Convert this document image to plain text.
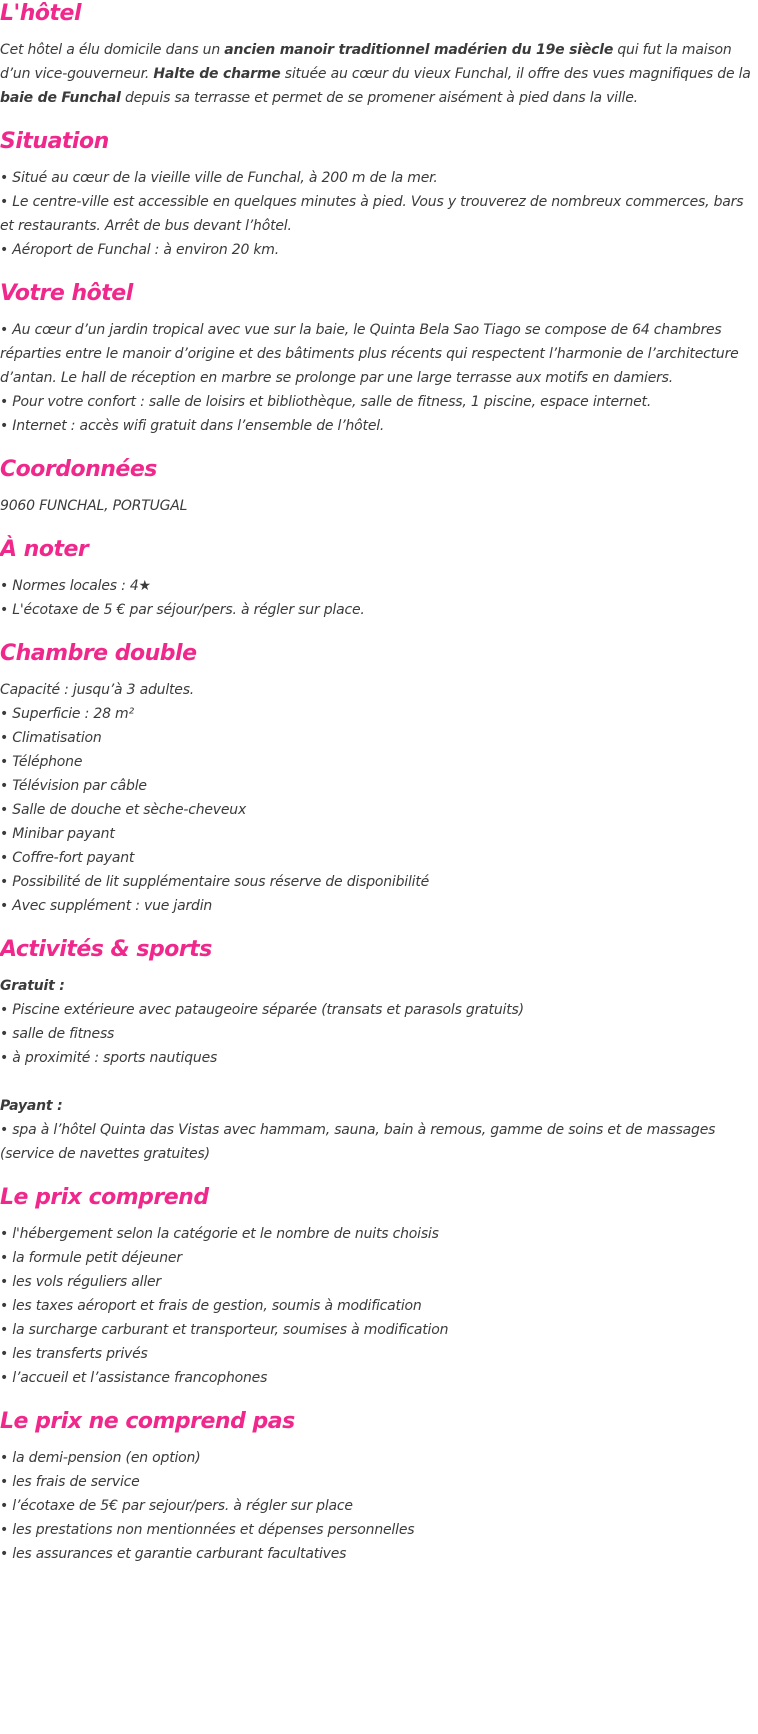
L'hôtel

Cet hôtel a élu domicile dans un ancien manoir traditionnel madérien du 19e siècle qui fut la maison d’un vice-gouverneur. Halte de charme située au cœur du vieux Funchal, il offre des vues magnifiques de la baie de Funchal depuis sa terrasse et permet de se promener aisément à pied dans la ville.

Situation

• Situé au cœur de la vieille ville de Funchal, à 200 m de la mer.
• Le centre-ville est accessible en quelques minutes à pied. Vous y trouverez de nombreux commerces, bars et restaurants. Arrêt de bus devant l’hôtel.
• Aéroport de Funchal : à environ 20 km.

Votre hôtel

• Au cœur d’un jardin tropical avec vue sur la baie, le Quinta Bela Sao Tiago se compose de 64 chambres réparties entre le manoir d’origine et des bâtiments plus récents qui respectent l’harmonie de l’architecture d’antan. Le hall de réception en marbre se prolonge par une large terrasse aux motifs en damiers.
• Pour votre confort : salle de loisirs et bibliothèque, salle de fitness, 1 piscine, espace internet.
• Internet : accès wifi gratuit dans l’ensemble de l’hôtel.

Coordonnées

9060 FUNCHAL, PORTUGAL

À noter

• Normes locales : 4★
• L'écotaxe de 5 € par séjour/pers. à régler sur place.

Chambre double

Capacité : jusqu’à 3 adultes.
• Superficie : 28 m²
• Climatisation
• Téléphone
• Télévision par câble
• Salle de douche et sèche-cheveux
• Minibar payant
• Coffre-fort payant
• Possibilité de lit supplémentaire sous réserve de disponibilité
• Avec supplément : vue jardin

Activités & sports

Gratuit :
• Piscine extérieure avec pataugeoire séparée (transats et parasols gratuits)
• salle de fitness
• à proximité : sports nautiques
Payant :
• spa à l’hôtel Quinta das Vistas avec hammam, sauna, bain à remous, gamme de soins et de massages (service de navettes gratuites)

Le prix comprend

• l'hébergement selon la catégorie et le nombre de nuits choisis
• la formule petit déjeuner
• les vols réguliers aller
• les taxes aéroport et frais de gestion, soumis à modification
• la surcharge carburant et transporteur, soumises à modification
• les transferts privés
• l’accueil et l’assistance francophones

Le prix ne comprend pas

• la demi-pension (en option)
• les frais de service
• l’écotaxe de 5€ par sejour/pers. à régler sur place
• les prestations non mentionnées et dépenses personnelles
• les assurances et garantie carburant facultatives
